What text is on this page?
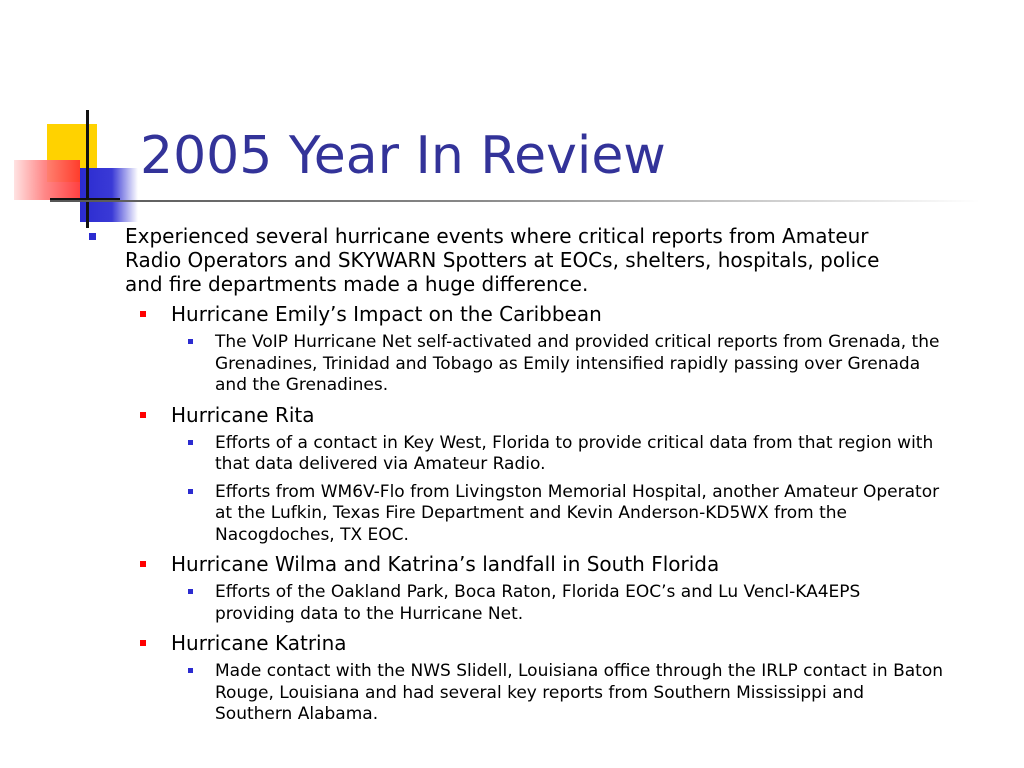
2005 Year In Review
Experienced several hurricane events where critical reports from Amateur Radio Operators and SKYWARN Spotters at EOCs, shelters, hospitals, police and fire departments made a huge difference.
Hurricane Emily’s Impact on the Caribbean
The VoIP Hurricane Net self-activated and provided critical reports from Grenada, the Grenadines, Trinidad and Tobago as Emily intensified rapidly passing over Grenada and the Grenadines.
Hurricane Rita
Efforts of a contact in Key West, Florida to provide critical data from that region with that data delivered via Amateur Radio.
Efforts from WM6V-Flo from Livingston Memorial Hospital, another Amateur Operator at the Lufkin, Texas Fire Department and Kevin Anderson-KD5WX from the Nacogdoches, TX EOC.
Hurricane Wilma and Katrina’s landfall in South Florida
Efforts of the Oakland Park, Boca Raton, Florida EOC’s and Lu Vencl-KA4EPS providing data to the Hurricane Net.
Hurricane Katrina
Made contact with the NWS Slidell, Louisiana office through the IRLP contact in Baton Rouge, Louisiana and had several key reports from Southern Mississippi and Southern Alabama.
